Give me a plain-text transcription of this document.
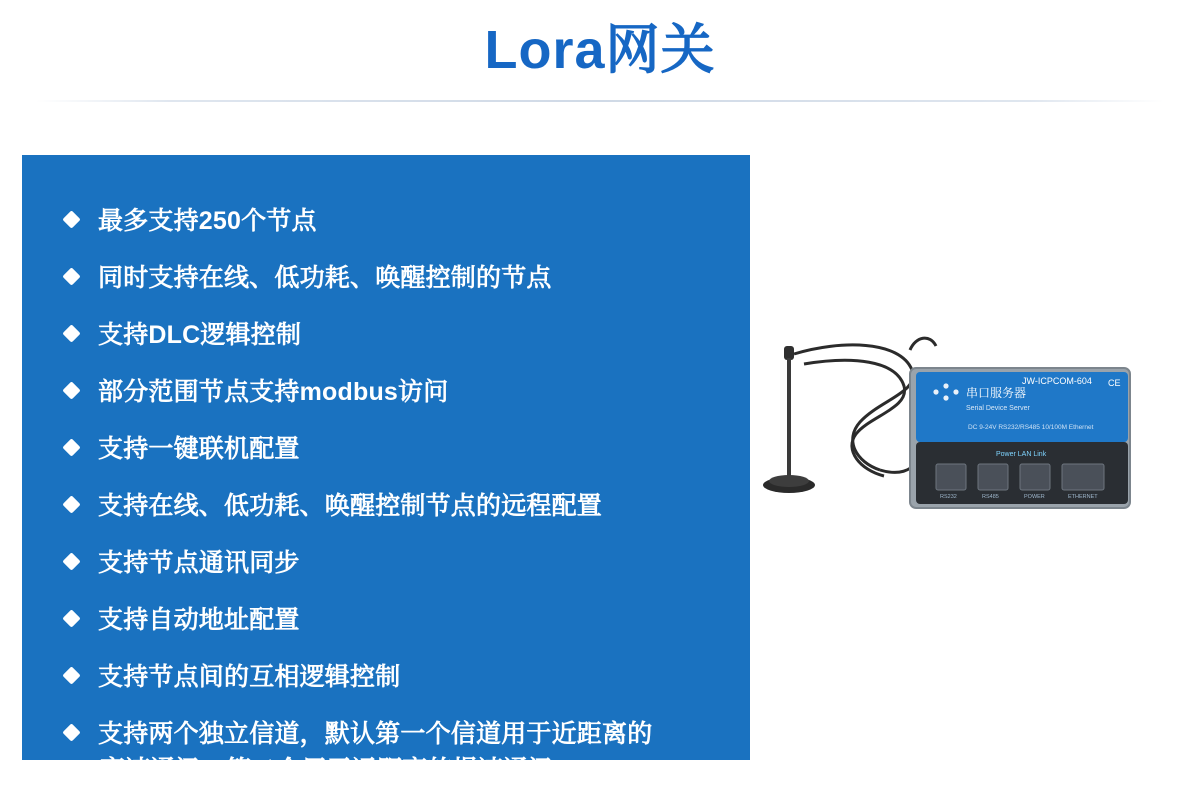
Lora网关
最多支持250个节点
同时支持在线、低功耗、唤醒控制的节点
支持DLC逻辑控制
部分范围节点支持modbus访问
支持一键联机配置
支持在线、低功耗、唤醒控制节点的远程配置
支持节点通讯同步
支持自动地址配置
支持节点间的互相逻辑控制
支持两个独立信道，默认第一个信道用于近距离的
高速通讯，第二个用于远距离的慢速通讯。
串口服务器
Serial Device Server
JW-ICPCOM-604 CE
DC 9-24V RS232/RS485 10/100M Ethernet
Power LAN Link
RS232	RS485	POWER	ETHERNET
